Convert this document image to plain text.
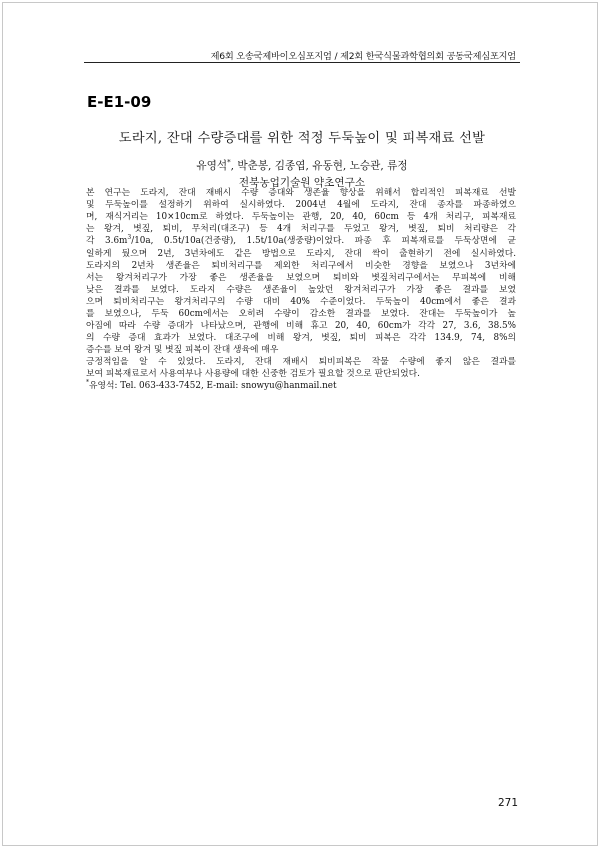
제6회 오송국제바이오심포지엄 / 제2회 한국식물과학협의회 공동국제심포지엄
E-E1-09
도라지, 잔대 수량증대를 위한 적정 두둑높이 및 피복재료 선발
유영석*, 박춘봉, 김종엽, 유동현, 노승관, 류정
전북농업기술원 약초연구소
본 연구는 도라지, 잔대 재배시 수량 증대와 생존율 향상을 위해서 합리적인 피복재료 선발
및 두둑높이를 설정하기 위하여 실시하였다. 2004년 4월에 도라지, 잔대 종자를 파종하였으
며, 재식거리는 10×10cm로 하였다. 두둑높이는 관행, 20, 40, 60cm 등 4개 처리구, 피복재료
는 왕겨, 볏짚, 퇴비, 무처리(대조구) 등 4개 처리구를 두었고 왕겨, 볏짚, 퇴비 처리량은 각
각 $3.6m^3/10a$, 0.5t/10a(건중량), 1.5t/10a(생중량)이었다. 파종 후 피복재료를 두둑상면에 균
일하게 뒀으며 2년, 3년차에도 같은 방법으로 도라지, 잔대 싹이 출현하기 전에 실시하였다.
도라지의 2년차 생존율은 퇴비처리구를 제외한 처리구에서 비슷한 경향을 보였으나 3년차에
서는 왕겨처리구가 가장 좋은 생존율을 보였으며 퇴비와 볏짚처리구에서는 무피복에 비해
낮은 결과를 보였다. 도라지 수량은 생존율이 높았던 왕겨처리구가 가장 좋은 결과를 보였
으며 퇴비처리구는 왕겨처리구의 수량 대비 40% 수준이었다. 두둑높이 40cm에서 좋은 결과
를 보였으나, 두둑 60cm에서는 오히려 수량이 감소한 결과를 보였다. 잔대는 두둑높이가 높
아짐에 따라 수량 증대가 나타났으며, 관행에 비해 휴고 20, 40, 60cm가 각각 27, 3.6, 38.5%
의 수량 증대 효과가 보였다. 대조구에 비해 왕겨, 볏짚, 퇴비 피복은 각각 134.9, 74, 8%의
증수를 보여 왕겨 및 볏짚 피복이 잔대 생육에 매우
긍정적임을 알 수 있었다. 도라지, 잔대 재배시 퇴비피복은 작물 수량에 좋지 않은 결과를
보여 피복재료로서 사용여부나 사용량에 대한 신중한 검토가 필요할 것으로 판단되었다.
*유영석: Tel. 063-433-7452, E-mail: snowyu@hanmail.net
271
